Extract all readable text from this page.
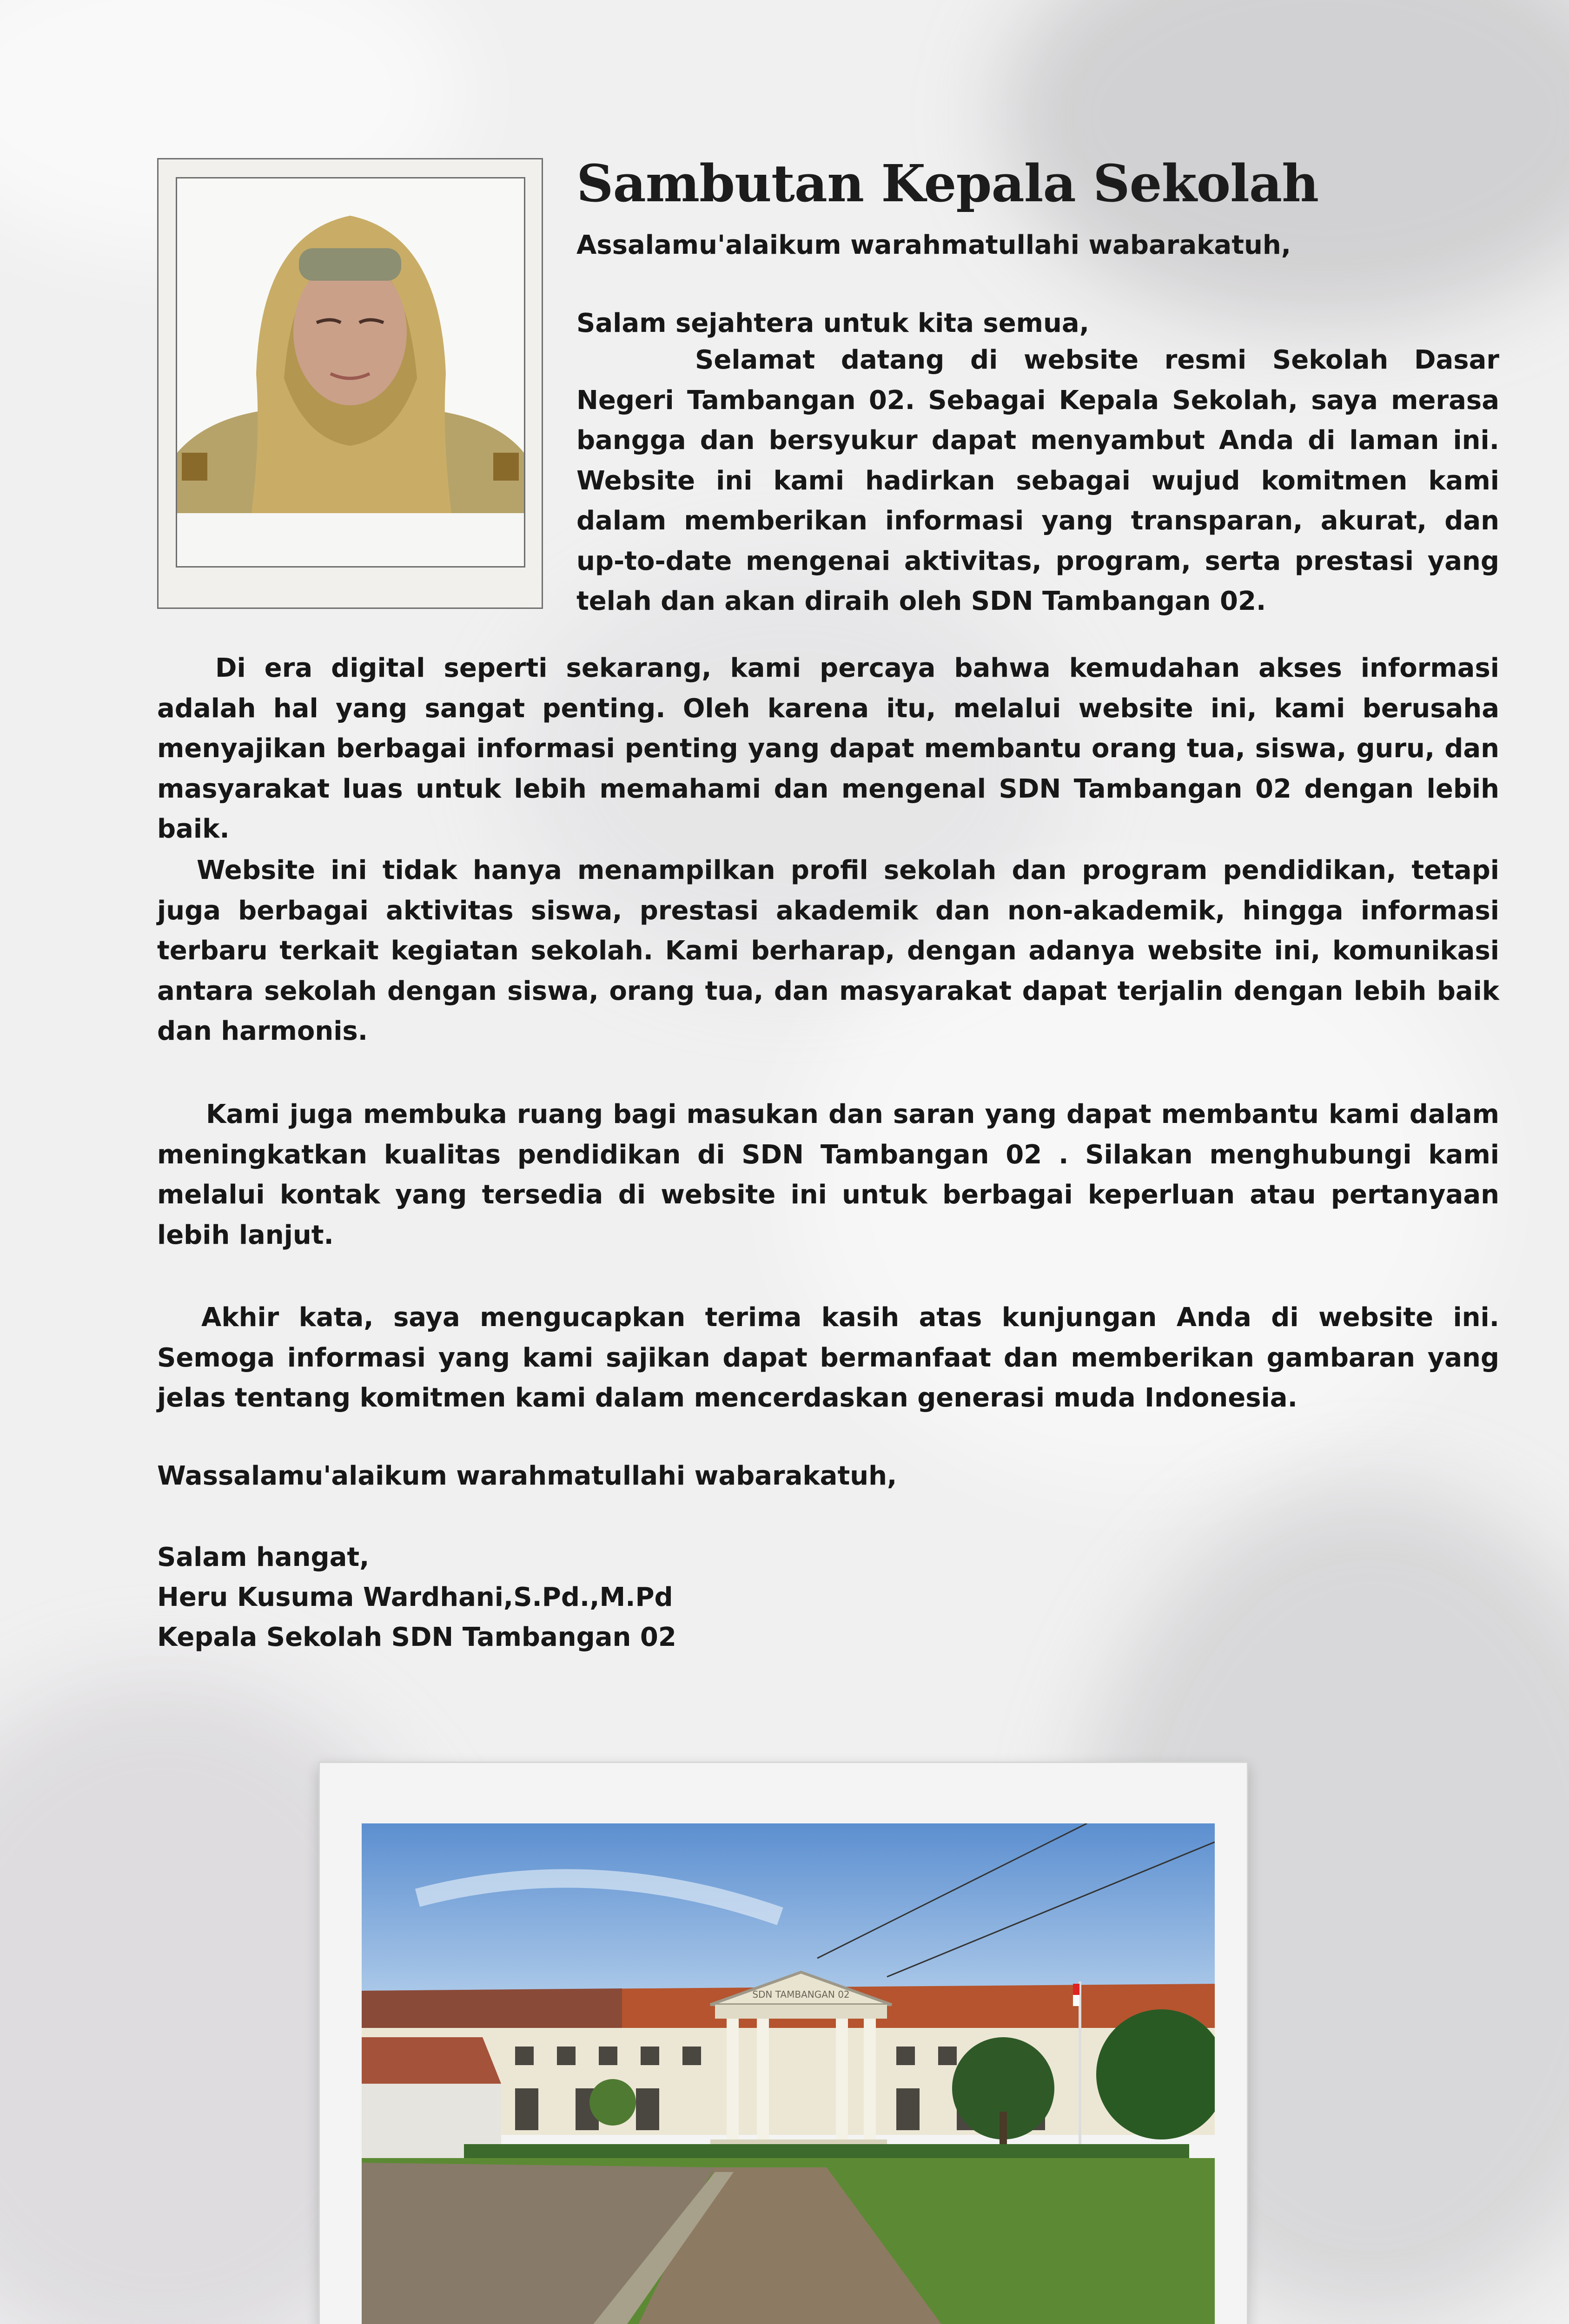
Sambutan Kepala Sekolah

Assalamu'alaikum warahmatullahi wabarakatuh,

Salam sejahtera untuk kita semua,

Selamat datang di website resmi Sekolah Dasar Negeri Tambangan 02. Sebagai Kepala Sekolah, saya merasa bangga dan bersyukur dapat menyambut Anda di laman ini. Website ini kami hadirkan sebagai wujud komitmen kami dalam memberikan informasi yang transparan, akurat, dan up-to-date mengenai aktivitas, program, serta prestasi yang telah dan akan diraih oleh SDN Tambangan 02.

Di era digital seperti sekarang, kami percaya bahwa kemudahan akses informasi adalah hal yang sangat penting. Oleh karena itu, melalui website ini, kami berusaha menyajikan berbagai informasi penting yang dapat membantu orang tua, siswa, guru, dan masyarakat luas untuk lebih memahami dan mengenal SDN Tambangan 02 dengan lebih baik.

Website ini tidak hanya menampilkan profil sekolah dan program pendidikan, tetapi juga berbagai aktivitas siswa, prestasi akademik dan non-akademik, hingga informasi terbaru terkait kegiatan sekolah. Kami berharap, dengan adanya website ini, komunikasi antara sekolah dengan siswa, orang tua, dan masyarakat dapat terjalin dengan lebih baik dan harmonis.

Kami juga membuka ruang bagi masukan dan saran yang dapat membantu kami dalam meningkatkan kualitas pendidikan di SDN Tambangan 02 . Silakan menghubungi kami melalui kontak yang tersedia di website ini untuk berbagai keperluan atau pertanyaan lebih lanjut.

Akhir kata, saya mengucapkan terima kasih atas kunjungan Anda di website ini. Semoga informasi yang kami sajikan dapat bermanfaat dan memberikan gambaran yang jelas tentang komitmen kami dalam mencerdaskan generasi muda Indonesia.

Wassalamu'alaikum warahmatullahi wabarakatuh,

Salam hangat,

Heru Kusuma Wardhani,S.Pd.,M.Pd

Kepala Sekolah SDN Tambangan 02

SDN TAMBANGAN 02
